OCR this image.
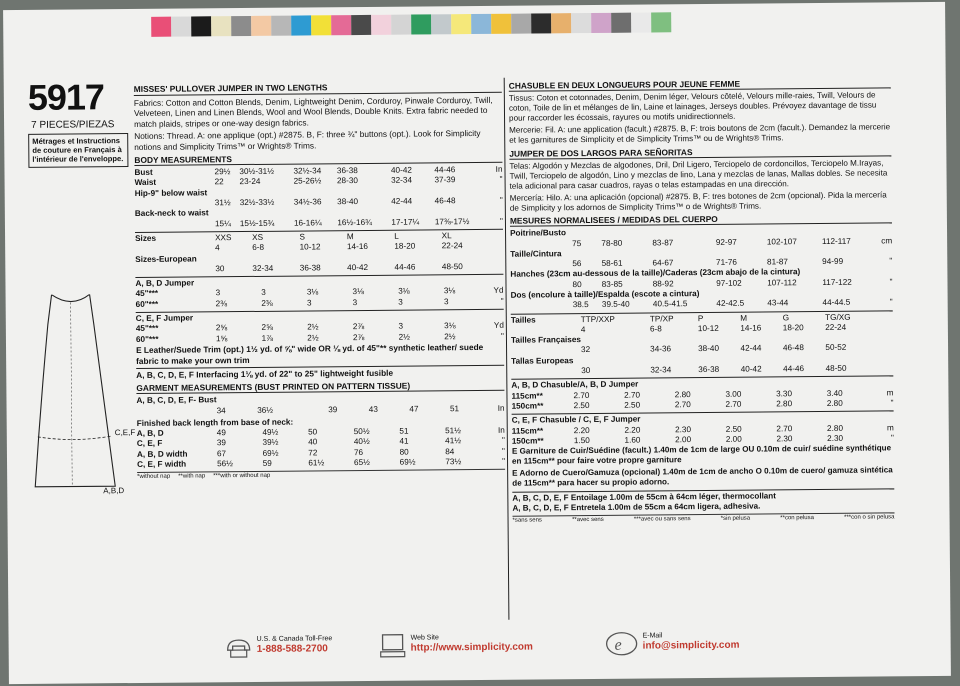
5917
7 PIECES/PIEZAS
Métrages et Instructions de couture en Français à l'intérieur de l'enveloppe.
C,E,F
A,B,D
MISSES' PULLOVER JUMPER IN TWO LENGTHS
Fabrics: Cotton and Cotton Blends, Denim, Lightweight Denim, Corduroy, Pinwale Corduroy, Twill, Velveteen, Linen and Linen Blends, Wool and Wool Blends, Double Knits. Extra fabric needed to match plaids, stripes or one-way design fabrics.
Notions: Thread. A: one applique (opt.) #2875. B, F: three ¾" buttons (opt.). Look for Simplicity notions and Simplicity Trims™ or Wrights® Trims.
BODY MEASUREMENTS
Bust	29½	30½-31½	32½-34	36-38	40-42	44-46	In
Waist	22	23-24	25-26½	28-30	32-34	37-39	"
Hip-9" below waist							
	31½	32½-33½	34½-36	38-40	42-44	46-48	"
Back-neck to waist							
	15¼	15½-15¾	16-16¼	16½-16¾	17-17¼	17⅜-17½	"
Sizes	XXS	XS	S	M	L	XL	
	4	6-8	10-12	14-16	18-20	22-24	
Sizes-European							
	30	32-34	36-38	40-42	44-46	48-50	
A, B, D Jumper
45"***	3	3	3⅛	3⅛	3⅛	3⅛	Yd
60"***	2⅜	2⅜	3	3	3	3	"
C, E, F Jumper
45"***	2⅝	2⅝	2½	2⅞	3	3⅛	Yd
60"***	1⅝	1⅞	2½	2⅞	2½	2½	"
E Leather/Suede Trim (opt.) 1½ yd. of ⅝" wide OR ⅛ yd. of 45"** synthetic leather/ suede fabric to make your own trim
A, B, C, D, E, F Interfacing 1⅛ yd. of 22" to 25" lightweight fusible
GARMENT MEASUREMENTS (BUST PRINTED ON PATTERN TISSUE)
A, B, C, D, E, F- Bust
	34	36½	39	43	47	51	In
Finished back length from base of neck:
A, B, D	49	49½	50	50½	51	51½	In
C, E, F	39	39½	40	40½	41	41½	"
A, B, D width	67	69½	72	76	80	84	"
C, E, F width	56½	59	61½	65½	69½	73½	"
*without nap **with nap ***with or without nap
CHASUBLE EN DEUX LONGUEURS POUR JEUNE FEMME
Tissus: Coton et cotonnades, Denim, Denim léger, Velours côtelé, Velours mille-raies, Twill, Velours de coton, Toile de lin et mélanges de lin, Laine et lainages, Jerseys doubles. Prévoyez davantage de tissu pour raccorder les écossais, rayures ou motifs unidirectionnels.
Mercerie: Fil. A: une application (facult.) #2875. B, F: trois boutons de 2cm (facult.). Demandez la mercerie et les garnitures de Simplicity et de Simplicity Trims™ ou de Wrights® Trims.
JUMPER DE DOS LARGOS PARA SEÑORITAS
Telas: Algodón y Mezclas de algodones, Dril, Dril Ligero, Terciopelo de cordoncillos, Terciopelo M.Irayas, Twill, Terciopelo de algodón, Lino y mezclas de lino, Lana y mezclas de lanas, Mallas dobles. Se necesita tela adicional para casar cuadros, rayas o telas estampadas en una dirección.
Mercería: Hilo. A: una aplicación (opcional) #2875. B, F: tres botones de 2cm (opcional). Pida la mercería de Simplicity y los adornos de Simplicity Trims™ o de Wrights® Trims.
MESURES NORMALISEES / MEDIDAS DEL CUERPO
Poitrine/Busto							
	75	78-80	83-87	92-97	102-107	112-117	cm
Taille/Cintura							
	56	58-61	64-67	71-76	81-87	94-99	"
Hanches (23cm au-dessous de la taille)/Caderas (23cm abajo de la cintura)							
	80	83-85	88-92	97-102	107-112	117-122	"
Dos (encolure à taille)/Espalda (escote a cintura)							
	38.5	39.5-40	40.5-41.5	42-42.5	43-44	44-44.5	"
Tailles	TTP/XXP	TP/XP	P	M	G	TG/XG	
	4	6-8	10-12	14-16	18-20	22-24	
Tailles Françaises							
	32	34-36	38-40	42-44	46-48	50-52	
Tallas Europeas							
	30	32-34	36-38	40-42	44-46	48-50	
A, B, D Chasuble/A, B, D Jumper
115cm**	2.70	2.70	2.80	3.00	3.30	3.40	m
150cm**	2.50	2.50	2.70	2.70	2.80	2.80	"
C, E, F Chasuble / C, E, F Jumper
115cm**	2.20	2.20	2.30	2.50	2.70	2.80	m
150cm**	1.50	1.60	2.00	2.00	2.30	2.30	"
E Garniture de Cuir/Suédine (facult.) 1.40m de 1cm de large OU 0.10m de cuir/ suédine synthétique en 115cm** pour faire votre propre garniture
E Adorno de Cuero/Gamuza (opcional) 1.40m de 1cm de ancho O 0.10m de cuero/ gamuza sintética de 115cm** para hacer su propio adorno.
A, B, C, D, E, F Entoilage 1.00m de 55cm à 64cm léger, thermocollant
A, B, C, D, E, F Entretela 1.00m de 55cm a 64cm ligera, adhesiva.
*sans sens	**avec sens	***avec ou sans sens	*sin pelusa	**con pelusa	***con o sin pelusa
U.S. & Canada Toll-Free
1-888-588-2700
Web Site
http://www.simplicity.com	e
E-Mail
info@simplicity.com
